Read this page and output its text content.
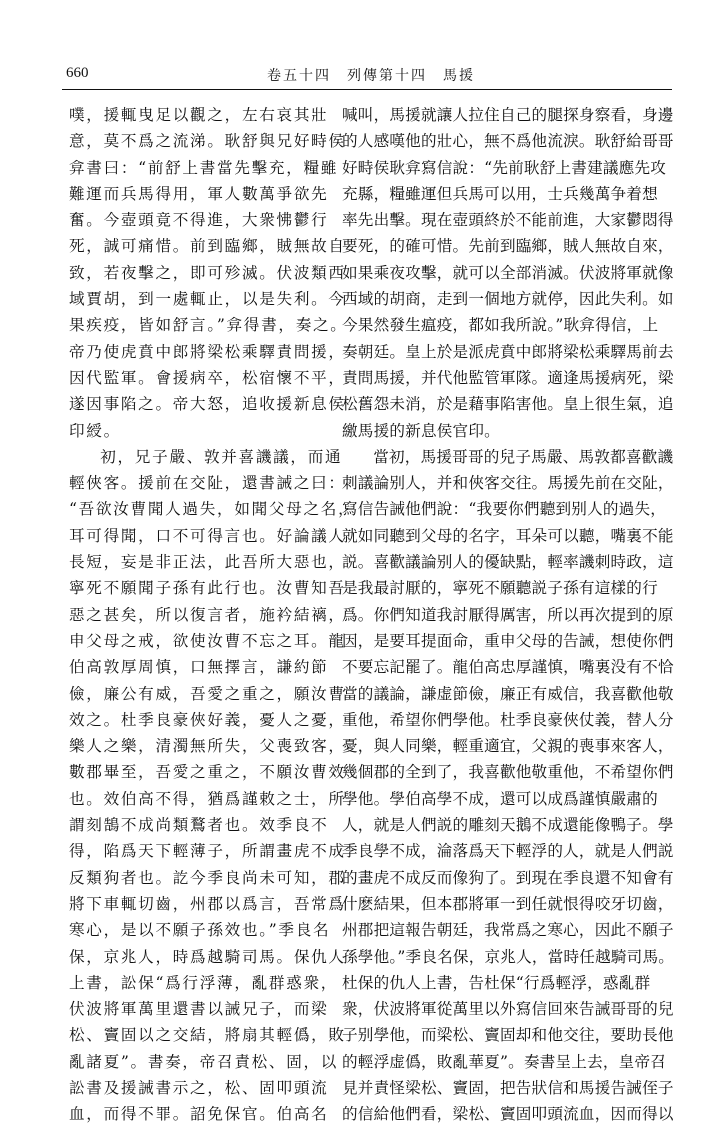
660	卷五十四　列傳第十四　馬援
噗，援輒曳足以觀之，左右哀其壯
意，莫不爲之流涕。耿舒與兄好畤侯
弇書曰：“前舒上書當先擊充，糧雖
難運而兵馬得用，軍人數萬爭欲先
奮。今壺頭竟不得進，大衆怫鬱行
死，誠可痛惜。前到臨鄉，賊無故自
致，若夜擊之，即可殄滅。伏波類西
域賈胡，到一處輒止，以是失利。今
果疾疫，皆如舒言。”弇得書，奏之。
帝乃使虎賁中郎將梁松乘驛責問援，
因代監軍。會援病卒，松宿懷不平，
遂因事陷之。帝大怒，追收援新息侯
印綬。
初，兄子嚴、敦并喜譏議，而通
輕俠客。援前在交阯，還書誡之曰：
“吾欲汝曹聞人過失，如聞父母之名，
耳可得聞，口不可得言也。好論議人
長短，妄是非正法，此吾所大惡也，
寧死不願聞子孫有此行也。汝曹知吾
惡之甚矣，所以復言者，施衿結褵，
申父母之戒，欲使汝曹不忘之耳。龍
伯高敦厚周慎，口無擇言，謙約節
儉，廉公有威，吾愛之重之，願汝曹
效之。杜季良豪俠好義，憂人之憂，
樂人之樂，清濁無所失，父喪致客，
數郡畢至，吾愛之重之，不願汝曹效
也。效伯高不得，猶爲謹敕之士，所
謂刻鵠不成尚類鶩者也。效季良不
得，陷爲天下輕薄子，所謂畫虎不成
反類狗者也。訖今季良尚未可知，郡
將下車輒切齒，州郡以爲言，吾常爲
寒心，是以不願子孫效也。”季良名
保，京兆人，時爲越騎司馬。保仇人
上書，訟保“爲行浮薄，亂群惑衆，
伏波將軍萬里還書以誡兄子，而梁
松、竇固以之交結，將扇其輕僞，敗
亂諸夏”。書奏，帝召責松、固，以
訟書及援誡書示之，松、固叩頭流
血，而得不罪。詔免保官。伯高名
喊叫，馬援就讓人拉住自己的腿探身察看，身邊
的人感嘆他的壯心，無不爲他流淚。耿舒給哥哥
好畤侯耿弇寫信說：“先前耿舒上書建議應先攻
充縣，糧雖運但兵馬可以用，士兵幾萬争着想
率先出擊。現在壺頭終於不能前進，大家鬱悶得
要死，的確可惜。先前到臨鄉，賊人無故自來，
如果乘夜攻擊，就可以全部消滅。伏波將軍就像
西域的胡商，走到一個地方就停，因此失利。如
今果然發生瘟疫，都如我所說。”耿弇得信，上
奏朝廷。皇上於是派虎賁中郎將梁松乘驛馬前去
責問馬援，并代他監管軍隊。適逢馬援病死，梁
松舊怨未消，於是藉事陷害他。皇上很生氣，追
繳馬援的新息侯官印。
當初，馬援哥哥的兒子馬嚴、馬敦都喜歡譏
刺議論别人，并和俠客交往。馬援先前在交阯，
寫信告誡他們說：“我要你們聽到别人的過失，
就如同聽到父母的名字，耳朵可以聽，嘴裏不能
説。喜歡議論别人的優缺點，輕率譏刺時政，這
是我最討厭的，寧死不願聽説子孫有這樣的行
爲。你們知道我討厭得厲害，所以再次提到的原
因，是要耳提面命，重申父母的告誡，想使你們
不要忘記罷了。龍伯高忠厚謹慎，嘴裏没有不恰
當的議論，謙虚節儉，廉正有威信，我喜歡他敬
重他，希望你們學他。杜季良豪俠仗義，替人分
憂，與人同樂，輕重適宜，父親的喪事來客人，
幾個郡的全到了，我喜歡他敬重他，不希望你們
學他。學伯高學不成，還可以成爲謹慎嚴肅的
人，就是人們説的雕刻天鵝不成還能像鴨子。學
季良學不成，淪落爲天下輕浮的人，就是人們説
的畫虎不成反而像狗了。到現在季良還不知會有
什麽結果，但本郡將軍一到任就恨得咬牙切齒，
州郡把這報告朝廷，我常爲之寒心，因此不願子
孫學他。”季良名保，京兆人，當時任越騎司馬。
杜保的仇人上書，告杜保“行爲輕浮，惑亂群
衆，伏波將軍從萬里以外寫信回來告誡哥哥的兒
子别學他，而梁松、竇固却和他交往，要助長他
的輕浮虚僞，敗亂華夏”。奏書呈上去，皇帝召
見并責怪梁松、竇固，把告狀信和馬援告誡侄子
的信給他們看，梁松、竇固叩頭流血，因而得以
